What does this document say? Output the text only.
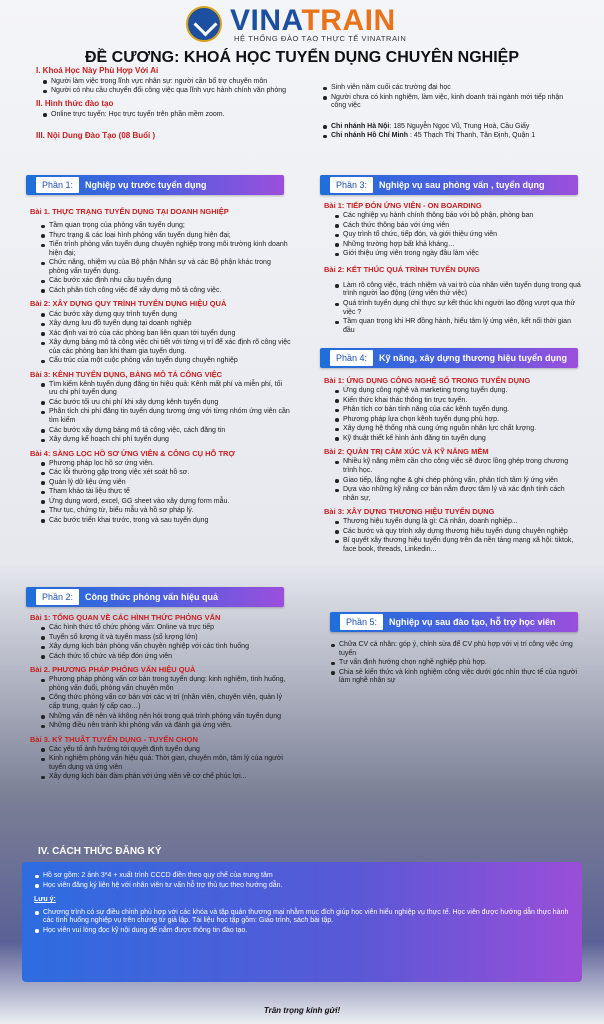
VINATRAIN
HỆ THỐNG ĐÀO TẠO THỰC TẾ VINATRAIN
ĐỀ CƯƠNG: KHOÁ HỌC TUYỂN DỤNG CHUYÊN NGHIỆP
I. Khoá Học Này Phù Hợp Với Ai
Người làm việc trong lĩnh vực nhân sự: người cần bổ trợ chuyên môn
Người có nhu cầu chuyển đổi công việc qua lĩnh vực hành chính văn phòng
II. Hình thức đào tạo
Online trực tuyến: Học trực tuyến trên phần mềm zoom.
III. Nội Dung Đào Tạo (08 Buổi )
Sinh viên năm cuối các trường đại học
Người chưa có kinh nghiệm, làm việc, kinh doanh trái ngành mới tiếp nhận công việc
Chi nhánh Hà Nội: 185 Nguyễn Ngọc Vũ, Trung Hoà, Cầu Giấy
Chi nhánh Hồ Chí Minh : 45 Thạch Thị Thanh, Tân Định, Quận 1
Phần 1: Nghiệp vụ trước tuyển dụng
Bài 1. THỰC TRẠNG TUYỂN DỤNG TẠI DOANH NGHIỆP
Tầm quan trọng của phỏng vấn tuyển dụng;
Thực trạng & các loại hình phỏng vấn tuyển dụng hiện đại;
Tiến trình phỏng vấn tuyển dụng chuyên nghiệp trong môi trường kinh doanh hiện đại;
Chức năng, nhiệm vụ của Bộ phận Nhân sự và các Bộ phận khác trong phỏng vấn tuyển dụng.
Các bước xác định nhu cầu tuyển dụng
Cách phân tích công việc để xây dựng mô tả công việc.
Bài 2: XÂY DỰNG QUY TRÌNH TUYỂN DỤNG HIỆU QUẢ
Các bước xây dựng quy trình tuyển dụng
Xây dựng lưu đồ tuyển dụng tại doanh nghiệp
Xác định vai trò của các phòng ban liên quan tới tuyển dụng
Xây dựng bảng mô tả công việc chi tiết với từng vị trí để xác định rõ công việc của các phòng ban khi tham gia tuyển dụng.
Cấu trúc của một cuộc phỏng vấn tuyển dụng chuyên nghiệp
Bài 3: KÊNH TUYỂN DỤNG, BẢNG MÔ TẢ CÔNG VIỆC
Tìm kiếm kênh tuyển dụng đăng tin hiệu quả: Kênh mất phí và miễn phí, tối ưu chi phí tuyển dụng
Các bước tối ưu chi phí khi xây dựng kênh tuyển dụng
Phân tích chi phí đăng tin tuyển dụng tương ứng với từng nhóm ứng viên cần tìm kiếm
Các bước xây dựng bảng mô tả công việc, cách đăng tin
Xây dựng kế hoạch chi phí tuyển dụng
Bài 4: SÀNG LỌC HỒ SƠ ỨNG VIÊN & CÔNG CỤ HỖ TRỢ
Phương pháp lọc hồ sơ ứng viên.
Các lỗi thường gặp trong việc xét soát hồ sơ.
Quản lý dữ liệu ứng viên
Tham khảo tài liệu thực tế
Ứng dụng word, excel, GG sheet vào xây dựng form mẫu.
Thư tục, chứng từ, biểu mẫu và hồ sơ pháp lý.
Các bước triển khai trước, trong và sau tuyển dụng
Phần 2: Công thức phỏng vấn hiệu quả
Bài 1: TỔNG QUAN VỀ CÁC HÌNH THỨC PHỎNG VẤN
Các hình thức tổ chức phỏng vấn: Online và trực tiếp
Tuyển số lượng ít và tuyển mass (số lượng lớn)
Xây dựng kịch bản phỏng vấn chuyên nghiệp với các tình huống
Cách thức tổ chức và tiếp đón ứng viên
Bài 2. PHƯƠNG PHÁP PHỎNG VẤN HIỆU QUẢ
Phương pháp phỏng vấn cơ bản trong tuyển dụng: kinh nghiệm, tình huống, phỏng vấn đuổi, phỏng vấn chuyên môn
Công thức phỏng vấn cơ bản với các vị trí (nhân viên, chuyên viên, quản lý cấp trung, quản lý cấp cao…)
Những vấn đề nên và không nên hỏi trong quá trình phỏng vấn tuyển dụng
Những điều nên tránh khi phỏng vấn và đánh giá ứng viên.
Bài 3. KỸ THUẬT TUYỂN DỤNG - TUYỂN CHỌN
Các yếu tố ảnh hưởng tới quyết định tuyển dụng
Kinh nghiệm phỏng vấn hiệu quả: Thời gian, chuyên môn, tâm lý của người tuyển dụng và ứng viên
Xây dựng kịch bản đàm phán với ứng viên về cơ chế phúc lợi...
Phần 3: Nghiệp vụ sau phỏng vấn , tuyển dụng
Bài 1: TIẾP ĐÓN ỨNG VIÊN - ON BOARDING
Các nghiệp vụ hành chính thông báo với bộ phận, phòng ban
Cách thức thông báo với ứng viên
Quy trình tổ chức, tiếp đón, và giới thiệu ứng viên
Những trường hợp bất khả kháng…
Giới thiệu ứng viên trong ngày đầu làm việc
Bài 2: KẾT THÚC QUÁ TRÌNH TUYỂN DỤNG
Làm rõ công việc, trách nhiệm và vai trò của nhân viên tuyển dụng trong quá trình người lao động (ứng viên thử việc)
Quá trình tuyển dụng chỉ thực sự kết thúc khi người lao động vượt qua thử việc ?
Tầm quan trọng khi HR đồng hành, hiểu tâm lý ứng viên, kết nối thời gian đầu
Phần 4: Kỹ năng, xây dựng thương hiệu tuyển dụng
Bài 1: ỨNG DỤNG CÔNG NGHỆ SỐ TRONG TUYỂN DỤNG
Ứng dụng công nghệ và marketing trong tuyển dụng.
Kiến thức khai thác thông tin trực tuyến.
Phân tích cơ bản tính năng của các kênh tuyển dụng.
Phương pháp lựa chọn kênh tuyển dụng phù hợp.
Xây dựng hệ thống nhà cung ứng nguồn nhân lực chất lượng.
Kỹ thuật thiết kế hình ảnh đăng tin tuyển dụng
Bài 2: QUẢN TRỊ CẢM XÚC VÀ KỸ NĂNG MỀM
Nhiều kỹ năng mềm cần cho công việc sẽ được lồng ghép trong chương trình học.
Giao tiếp, lắng nghe & ghi chép phỏng vấn, phân tích tâm lý ứng viên
Dựa vào những kỹ năng cơ bản nắm được tâm lý và xác định tính cách nhân sự,
Bài 3: XÂY DỰNG THƯƠNG HIỆU TUYỂN DỤNG
Thương hiệu tuyển dụng là gì: Cá nhân, doanh nghiệp...
Các bước và quy trình xây dựng thương hiệu tuyển dụng chuyên nghiệp
Bí quyết xây thương hiệu tuyển dụng trên đa nền tảng mạng xã hội: tiktok, face book, threads, Linkedin...
Phần 5: Nghiệp vụ sau đào tạo, hỗ trợ học viên
Chữa CV cá nhân: góp ý, chỉnh sửa để CV phù hợp với vị trí công việc ứng tuyển
Tư vấn định hướng chọn nghề nghiệp phù hợp.
Chia sẻ kiến thức và kinh nghiệm công việc dưới góc nhìn thực tế của người làm nghề nhân sự
IV. CÁCH THỨC ĐĂNG KÝ
Hồ sơ gồm: 2 ảnh 3*4 + xuất trình CCCD điền theo quy chế của trung tâm
Học viên đăng ký liên hệ với nhân viên tư vấn hỗ trợ thủ tục theo hướng dẫn.
Lưu ý:
Chương trình có sự điều chỉnh phù hợp với các khóa và tập quán thương mại nhằm mục đích giúp học viên hiểu nghiệp vụ thực tế. Học viên được hướng dẫn thực hành các tình huống nghiệp vụ trên chứng từ giả lập. Tài liệu học tập gồm: Giáo trình, sách bài tập.
Học viên vui lòng đọc kỹ nội dung để nắm được thông tin đào tạo.
Trân trọng kính gửi!
